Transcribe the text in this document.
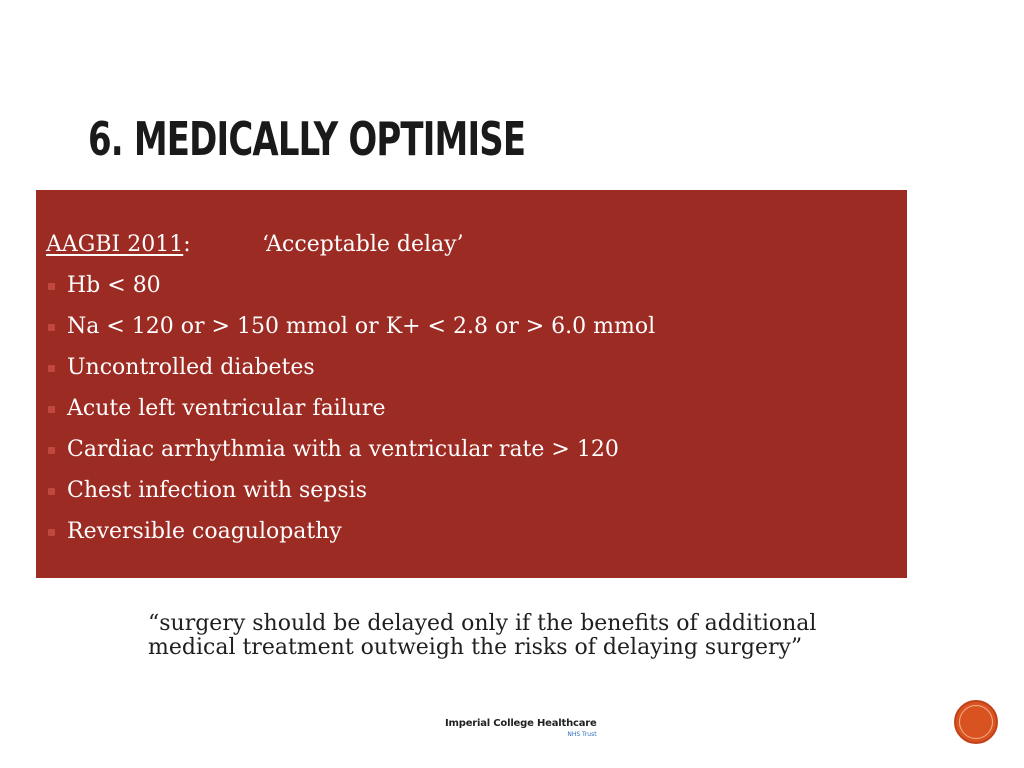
6. MEDICALLY OPTIMISE
AAGBI 2011:	‘Acceptable delay’
Hb < 80
Na < 120 or > 150 mmol or K+ < 2.8 or > 6.0 mmol
Uncontrolled diabetes
Acute left ventricular failure
Cardiac arrhythmia with a ventricular rate > 120
Chest infection with sepsis
Reversible coagulopathy
“surgery should be delayed only if the benefits of additional
medical treatment outweigh the risks of delaying surgery”
Imperial College Healthcare
NHS Trust
